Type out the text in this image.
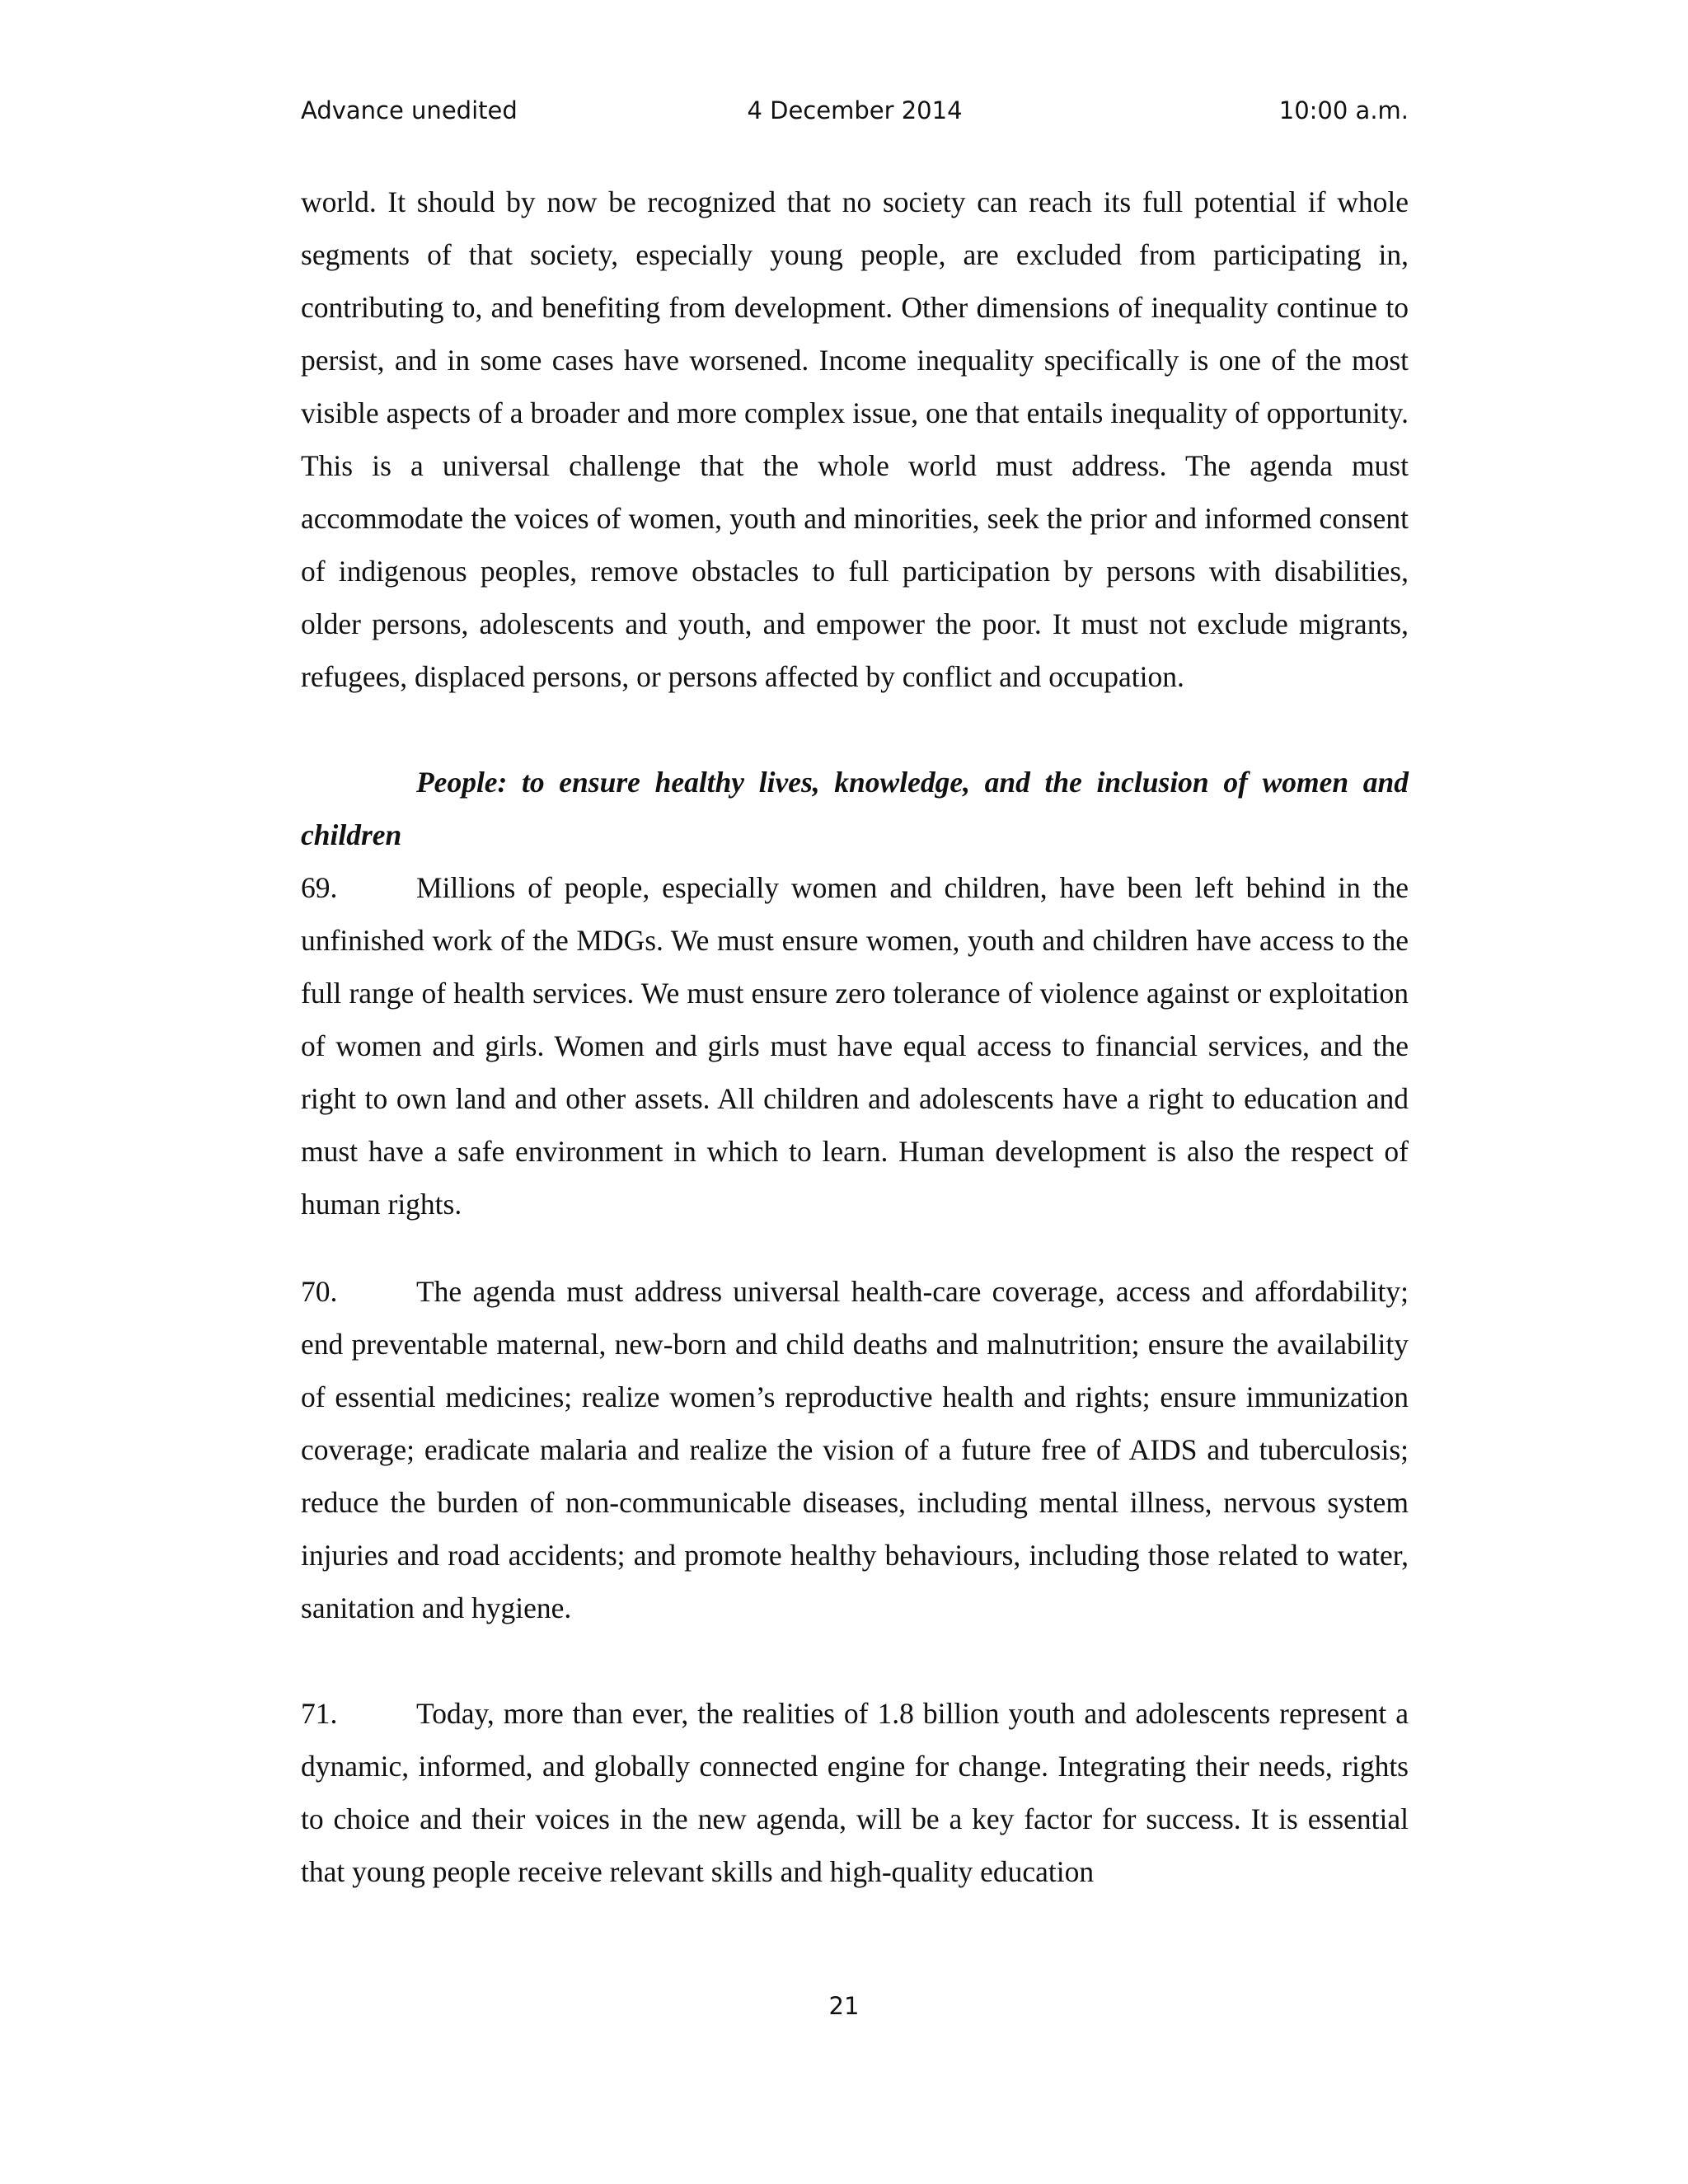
4 December 2014
Advance unedited	10:00 a.m.

world. It should by now be recognized that no society can reach its full potential if whole segments of that society, especially young people, are excluded from participating in, contributing to, and benefiting from development. Other dimensions of inequality continue to persist, and in some cases have worsened. Income inequality specifically is one of the most visible aspects of a broader and more complex issue, one that entails inequality of opportunity. This is a universal challenge that the whole world must address. The agenda must accommodate the voices of women, youth and minorities, seek the prior and informed consent of indigenous peoples, remove obstacles to full participation by persons with disabilities, older persons, adolescents and youth, and empower the poor. It must not exclude migrants, refugees, displaced persons, or persons affected by conflict and occupation.

People: to ensure healthy lives, knowledge, and the inclusion of women and children

69.	Millions of people, especially women and children, have been left behind in the unfinished work of the MDGs. We must ensure women, youth and children have access to the full range of health services. We must ensure zero tolerance of violence against or exploitation of women and girls. Women and girls must have equal access to financial services, and the right to own land and other assets. All children and adolescents have a right to education and must have a safe environment in which to learn. Human development is also the respect of human rights.

70.	The agenda must address universal health-care coverage, access and affordability; end preventable maternal, new-born and child deaths and malnutrition; ensure the availability of essential medicines; realize women’s reproductive health and rights; ensure immunization coverage; eradicate malaria and realize the vision of a future free of AIDS and tuberculosis; reduce the burden of non-communicable diseases, including mental illness, nervous system injuries and road accidents; and promote healthy behaviours, including those related to water, sanitation and hygiene.

71.	Today, more than ever, the realities of 1.8 billion youth and adolescents represent a dynamic, informed, and globally connected engine for change. Integrating their needs, rights to choice and their voices in the new agenda, will be a key factor for success. It is essential that young people receive relevant skills and high-quality education

21
